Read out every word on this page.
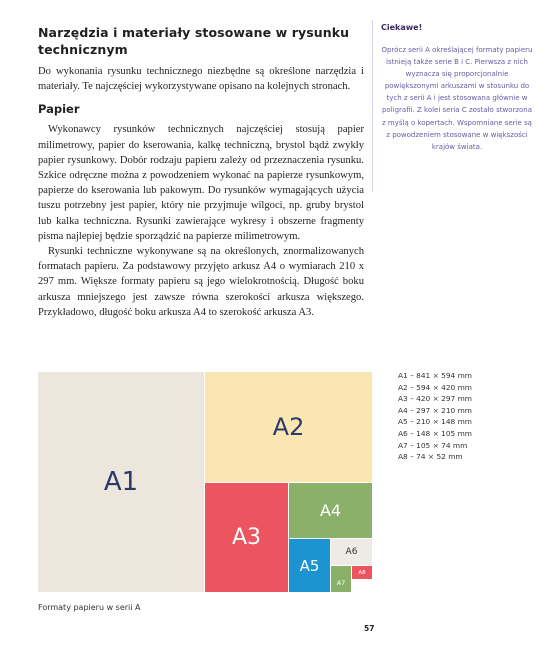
Narzędzia i materiały stosowane w rysunku technicznym

Do wykonania rysunku technicznego niezbędne są określone narzędzia i materiały. Te najczęściej wykorzystywane opisano na kolejnych stronach.

Papier

Wykonawcy rysunków technicznych najczęściej stosują papier milimetrowy, papier do kserowania, kalkę techniczną, brystol bądź zwykły papier rysunkowy. Dobór rodzaju papieru zależy od przeznaczenia rysunku. Szkice odręczne można z powodzeniem wykonać na papierze rysunkowym, papierze do kserowania lub pakowym. Do rysunków wymagających użycia tuszu potrzebny jest papier, który nie przyjmuje wilgoci, np. gruby brystol lub kalka techniczna. Rysunki zawierające wykresy i obszerne fragmenty pisma najlepiej będzie sporządzić na papierze milimetrowym.

Rysunki techniczne wykonywane są na określonych, znormalizowanych formatach papieru. Za podstawowy przyjęto arkusz A4 o wymiarach 210 x 297 mm. Większe formaty papieru są jego wielokrotnością. Długość boku arkusza mniejszego jest zawsze równa szerokości arkusza większego. Przykładowo, długość boku arkusza A4 to szerokość arkusza A3.

Ciekawe!
Oprócz serii A określającej formaty papieru istnieją także serie B i C. Pierwsza z nich wyznacza się proporcjonalnie powiększonymi arkuszami w stosunku do tych z serii A i jest stosowana głównie w poligrafii. Z kolei seria C zostało stworzona z myślą o kopertach. Wspomniane serie są z powodzeniem stosowane w większości krajów świata.
A1
A2
A3
A4
A5
A6
A7
A8
A1 – 841 × 594 mm
A2 – 594 × 420 mm
A3 – 420 × 297 mm
A4 – 297 × 210 mm
A5 – 210 × 148 mm
A6 – 148 × 105 mm
A7 – 105 × 74 mm
A8 – 74 × 52 mm
Formaty papieru w serii A
57
